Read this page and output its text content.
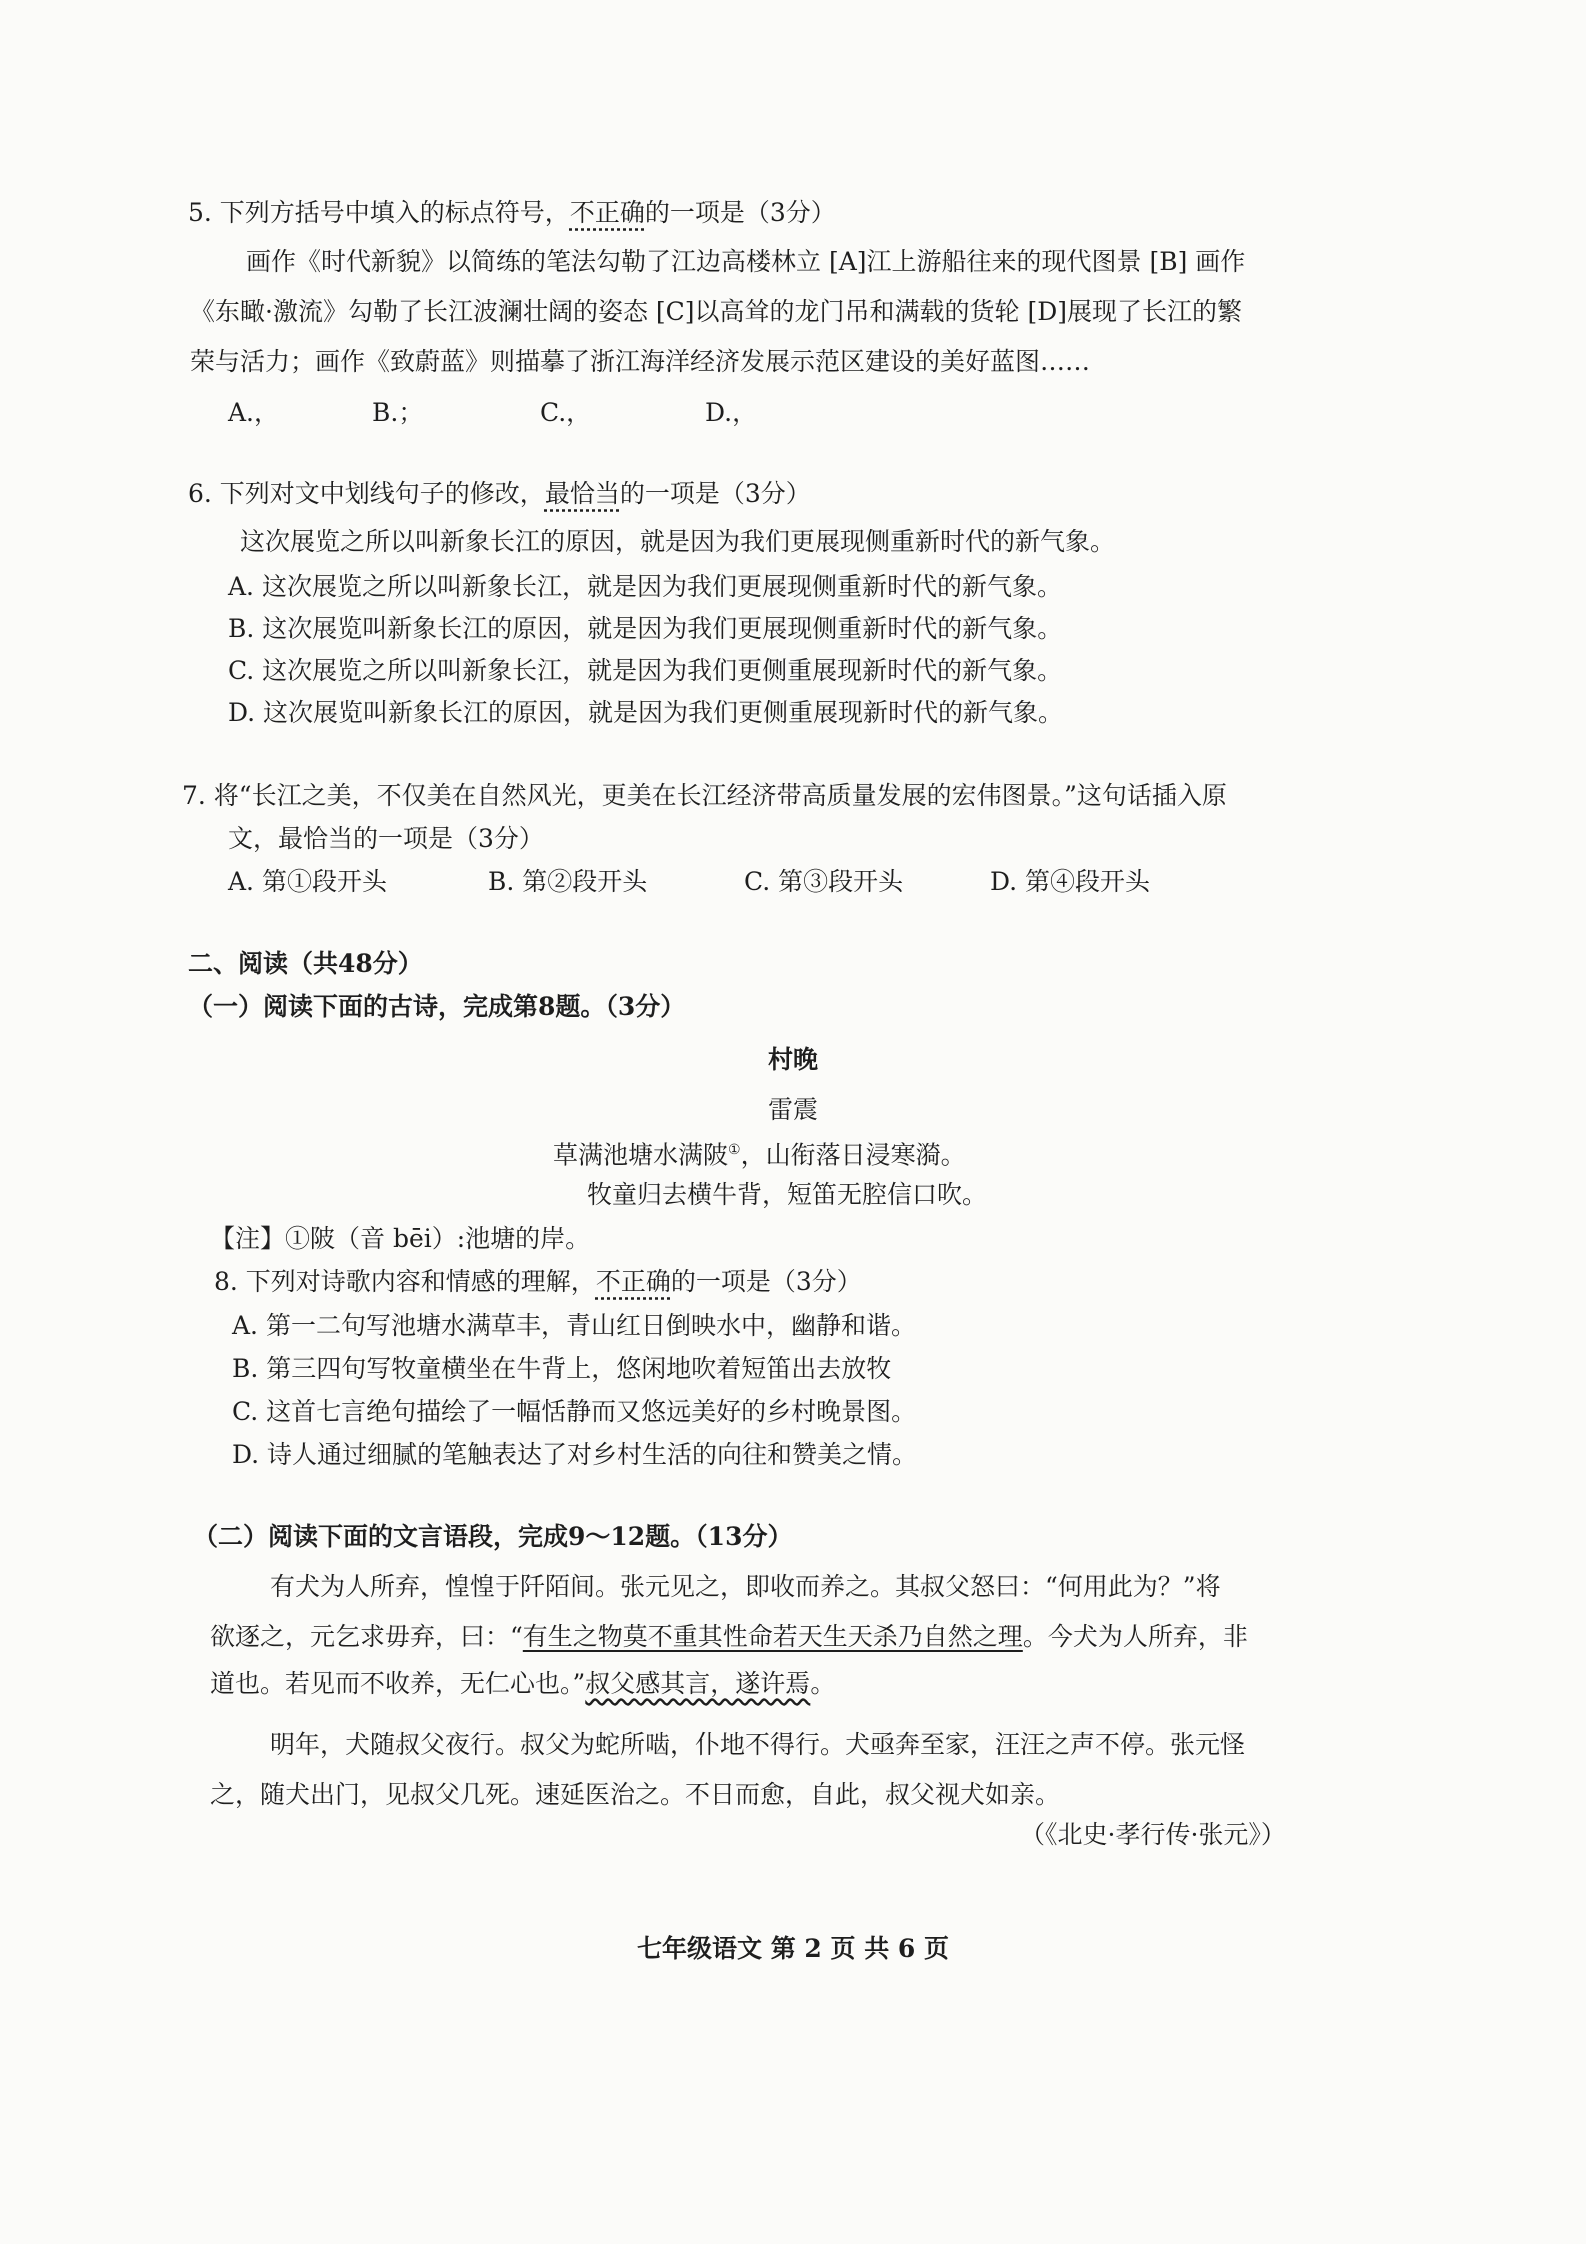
5. 下列方括号中填入的标点符号，不正确的一项是（3分）
画作《时代新貌》以简练的笔法勾勒了江边高楼林立 [A]江上游船往来的现代图景 [B] 画作
《东瞰·激流》勾勒了长江波澜壮阔的姿态 [C]以高耸的龙门吊和满载的货轮 [D]展现了长江的繁
荣与活力；画作《致蔚蓝》则描摹了浙江海洋经济发展示范区建设的美好蓝图……
A.，	B.；	C.，	D.，
6. 下列对文中划线句子的修改，最恰当的一项是（3分）
这次展览之所以叫新象长江的原因，就是因为我们更展现侧重新时代的新气象。
A. 这次展览之所以叫新象长江，就是因为我们更展现侧重新时代的新气象。
B. 这次展览叫新象长江的原因，就是因为我们更展现侧重新时代的新气象。
C. 这次展览之所以叫新象长江，就是因为我们更侧重展现新时代的新气象。
D. 这次展览叫新象长江的原因，就是因为我们更侧重展现新时代的新气象。
7. 将“长江之美，不仅美在自然风光，更美在长江经济带高质量发展的宏伟图景。”这句话插入原
文，最恰当的一项是（3分）
A. 第①段开头	B. 第②段开头	C. 第③段开头	D. 第④段开头
二、阅读（共48分）
（一）阅读下面的古诗，完成第8题。（3分）
村晚
雷震
草满池塘水满陂①，山衔落日浸寒漪。
牧童归去横牛背，短笛无腔信口吹。
【注】①陂（音 bēi）:池塘的岸。
8. 下列对诗歌内容和情感的理解，不正确的一项是（3分）
A. 第一二句写池塘水满草丰，青山红日倒映水中，幽静和谐。
B. 第三四句写牧童横坐在牛背上，悠闲地吹着短笛出去放牧
C. 这首七言绝句描绘了一幅恬静而又悠远美好的乡村晚景图。
D. 诗人通过细腻的笔触表达了对乡村生活的向往和赞美之情。
（二）阅读下面的文言语段，完成9～12题。（13分）
有犬为人所弃，惶惶于阡陌间。张元见之，即收而养之。其叔父怒曰：“何用此为？”将
欲逐之，元乞求毋弃，曰：“有生之物莫不重其性命若天生天杀乃自然之理。今犬为人所弃，非
道也。若见而不收养，无仁心也。”叔父感其言，遂许焉。
明年，犬随叔父夜行。叔父为蛇所啮，仆地不得行。犬亟奔至家，汪汪之声不停。张元怪
之，随犬出门，见叔父几死。速延医治之。不日而愈，自此，叔父视犬如亲。
（《北史·孝行传·张元》）
七年级语文 第 2 页 共 6 页
